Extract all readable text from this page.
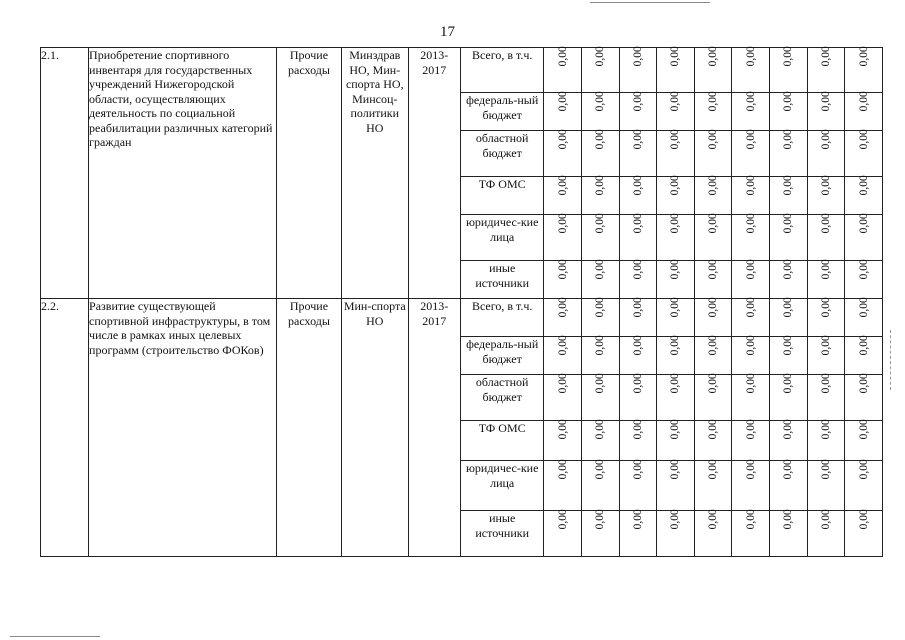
17
2.1.	Приобретение спортивного инвентаря для государственных учреждений Нижегородской области, осуществляющих деятельность по социальной реабилитации различных категорий граждан	Прочие расходы	Минздрав НО, Мин-спорта НО, Минсоц-политики НО	2013-2017	Всего, в т.ч.	0,00	0,00	0,00	0,00	0,00	0,00	0,00	0,00	0,00
					федераль-ный бюджет	0,00	0,00	0,00	0,00	0,00	0,00	0,00	0,00	0,00
					областной бюджет	0,00	0,00	0,00	0,00	0,00	0,00	0,00	0,00	0,00
					ТФ ОМС	0,00	0,00	0,00	0,00	0,00	0,00	0,00	0,00	0,00
					юридичес-кие лица	0,00	0,00	0,00	0,00	0,00	0,00	0,00	0,00	0,00
					иные источники	0,00	0,00	0,00	0,00	0,00	0,00	0,00	0,00	0,00
2.2.	Развитие существующей спортивной инфраструктуры, в том числе в рамках иных целевых программ (строительство ФОКов)	Прочие расходы	Мин-спорта НО	2013-2017	Всего, в т.ч.	0,00	0,00	0,00	0,00	0,00	0,00	0,00	0,00	0,00
					федераль-ный бюджет	0,00	0,00	0,00	0,00	0,00	0,00	0,00	0,00	0,00
					областной бюджет	0,00	0,00	0,00	0,00	0,00	0,00	0,00	0,00	0,00
					ТФ ОМС	0,00	0,00	0,00	0,00	0,00	0,00	0,00	0,00	0,00
					юридичес-кие лица	0,00	0,00	0,00	0,00	0,00	0,00	0,00	0,00	0,00
					иные источники	0,00	0,00	0,00	0,00	0,00	0,00	0,00	0,00	0,00
